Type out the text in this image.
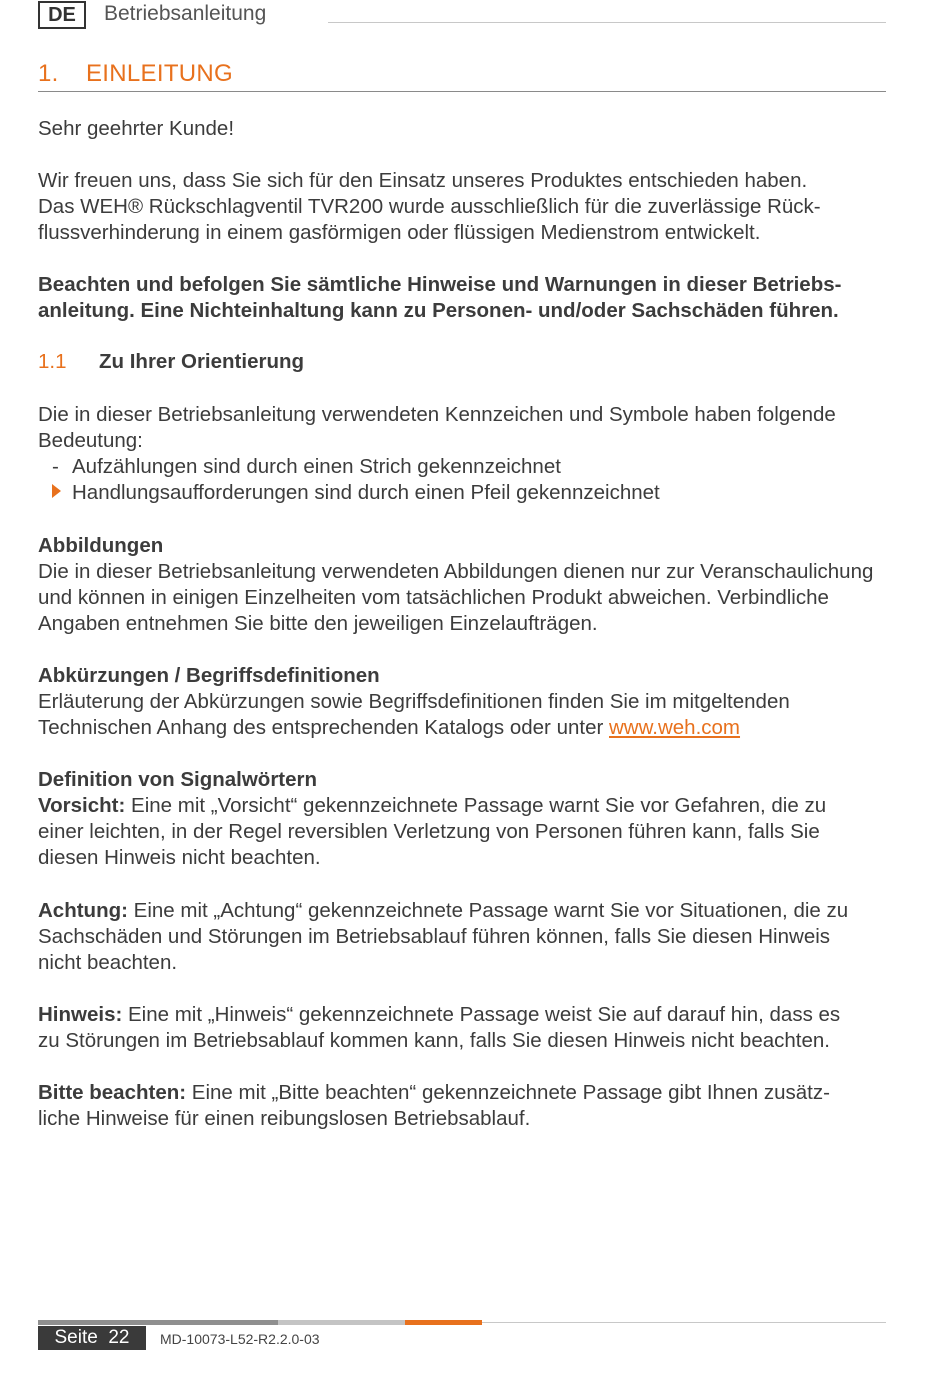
DE	Betriebsanleitung
1. EINLEITUNG
Sehr geehrter Kunde!
Wir freuen uns, dass Sie sich für den Einsatz unseres Produktes entschieden haben.
Das WEH® Rückschlagventil TVR200 wurde ausschließlich für die zuverlässige Rück-
flussverhinderung in einem gasförmigen oder flüssigen Medienstrom entwickelt.
Beachten und befolgen Sie sämtliche Hinweise und Warnungen in dieser Betriebs-
anleitung. Eine Nichteinhaltung kann zu Personen- und/oder Sachschäden führen.
1.1 Zu Ihrer Orientierung
Die in dieser Betriebsanleitung verwendeten Kennzeichen und Symbole haben folgende
Bedeutung:
- Aufzählungen sind durch einen Strich gekennzeichnet
Handlungsaufforderungen sind durch einen Pfeil gekennzeichnet
Abbildungen
Die in dieser Betriebsanleitung verwendeten Abbildungen dienen nur zur Veranschaulichung
und können in einigen Einzelheiten vom tatsächlichen Produkt abweichen. Verbindliche
Angaben entnehmen Sie bitte den jeweiligen Einzelaufträgen.
Abkürzungen / Begriffsdefinitionen
Erläuterung der Abkürzungen sowie Begriffsdefinitionen finden Sie im mitgeltenden
Technischen Anhang des entsprechenden Katalogs oder unter www.weh.com
Definition von Signalwörtern
Vorsicht: Eine mit „Vorsicht“ gekennzeichnete Passage warnt Sie vor Gefahren, die zu
einer leichten, in der Regel reversiblen Verletzung von Personen führen kann, falls Sie
diesen Hinweis nicht beachten.
Achtung: Eine mit „Achtung“ gekennzeichnete Passage warnt Sie vor Situationen, die zu
Sachschäden und Störungen im Betriebsablauf führen können, falls Sie diesen Hinweis
nicht beachten.
Hinweis: Eine mit „Hinweis“ gekennzeichnete Passage weist Sie auf darauf hin, dass es
zu Störungen im Betriebsablauf kommen kann, falls Sie diesen Hinweis nicht beachten.
Bitte beachten: Eine mit „Bitte beachten“ gekennzeichnete Passage gibt Ihnen zusätz-
liche Hinweise für einen reibungslosen Betriebsablauf.
Seite  22	MD-10073-L52-R2.2.0-03
